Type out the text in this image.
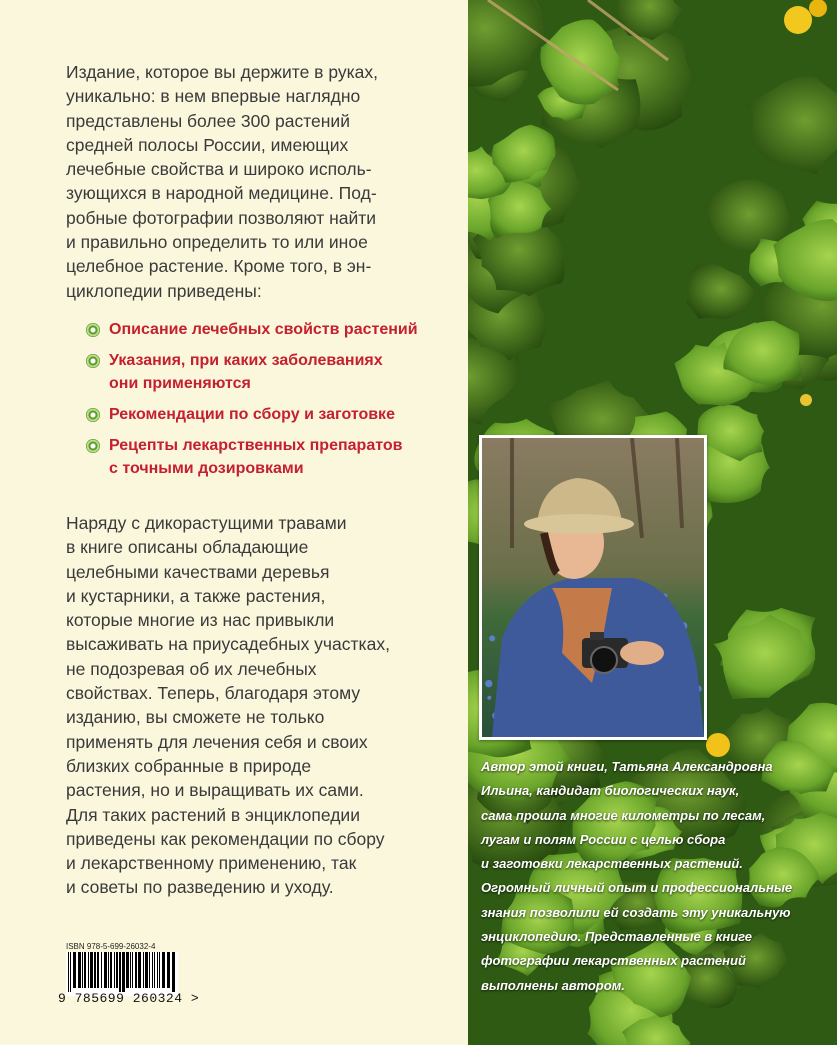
Издание, которое вы держите в руках,
уникально: в нем впервые наглядно
представлены более 300 растений
средней полосы России, имеющих
лечебные свойства и широко исполь-
зующихся в народной медицине. Под-
робные фотографии позволяют найти
и правильно определить то или иное
целебное растение. Кроме того, в эн-
циклопедии приведены:

Описание лечебных свойств растений
Указания, при каких заболеваниях
они применяются
Рекомендации по сбору и заготовке
Рецепты лекарственных препаратов
с точными дозировками

Наряду с дикорастущими травами
в книге описаны обладающие
целебными качествами деревья
и кустарники, а также растения,
которые многие из нас привыкли
высаживать на приусадебных участках,
не подозревая об их лечебных
свойствах. Теперь, благодаря этому
изданию, вы сможете не только
применять для лечения себя и своих
близких собранные в природе
растения, но и выращивать их сами.
Для таких растений в энциклопедии
приведены как рекомендации по сбору
и лекарственному применению, так
и советы по разведению и уходу.

ISBN 978-5-699-26032-4
9 785699 260324 >

Автор этой книги, Татьяна Александровна
Ильина, кандидат биологических наук,
сама прошла многие километры по лесам,
лугам и полям России с целью сбора
и заготовки лекарственных растений.
Огромный личный опыт и профессиональные
знания позволили ей создать эту уникальную
энциклопедию. Представленные в книге
фотографии лекарственных растений
выполнены автором.
